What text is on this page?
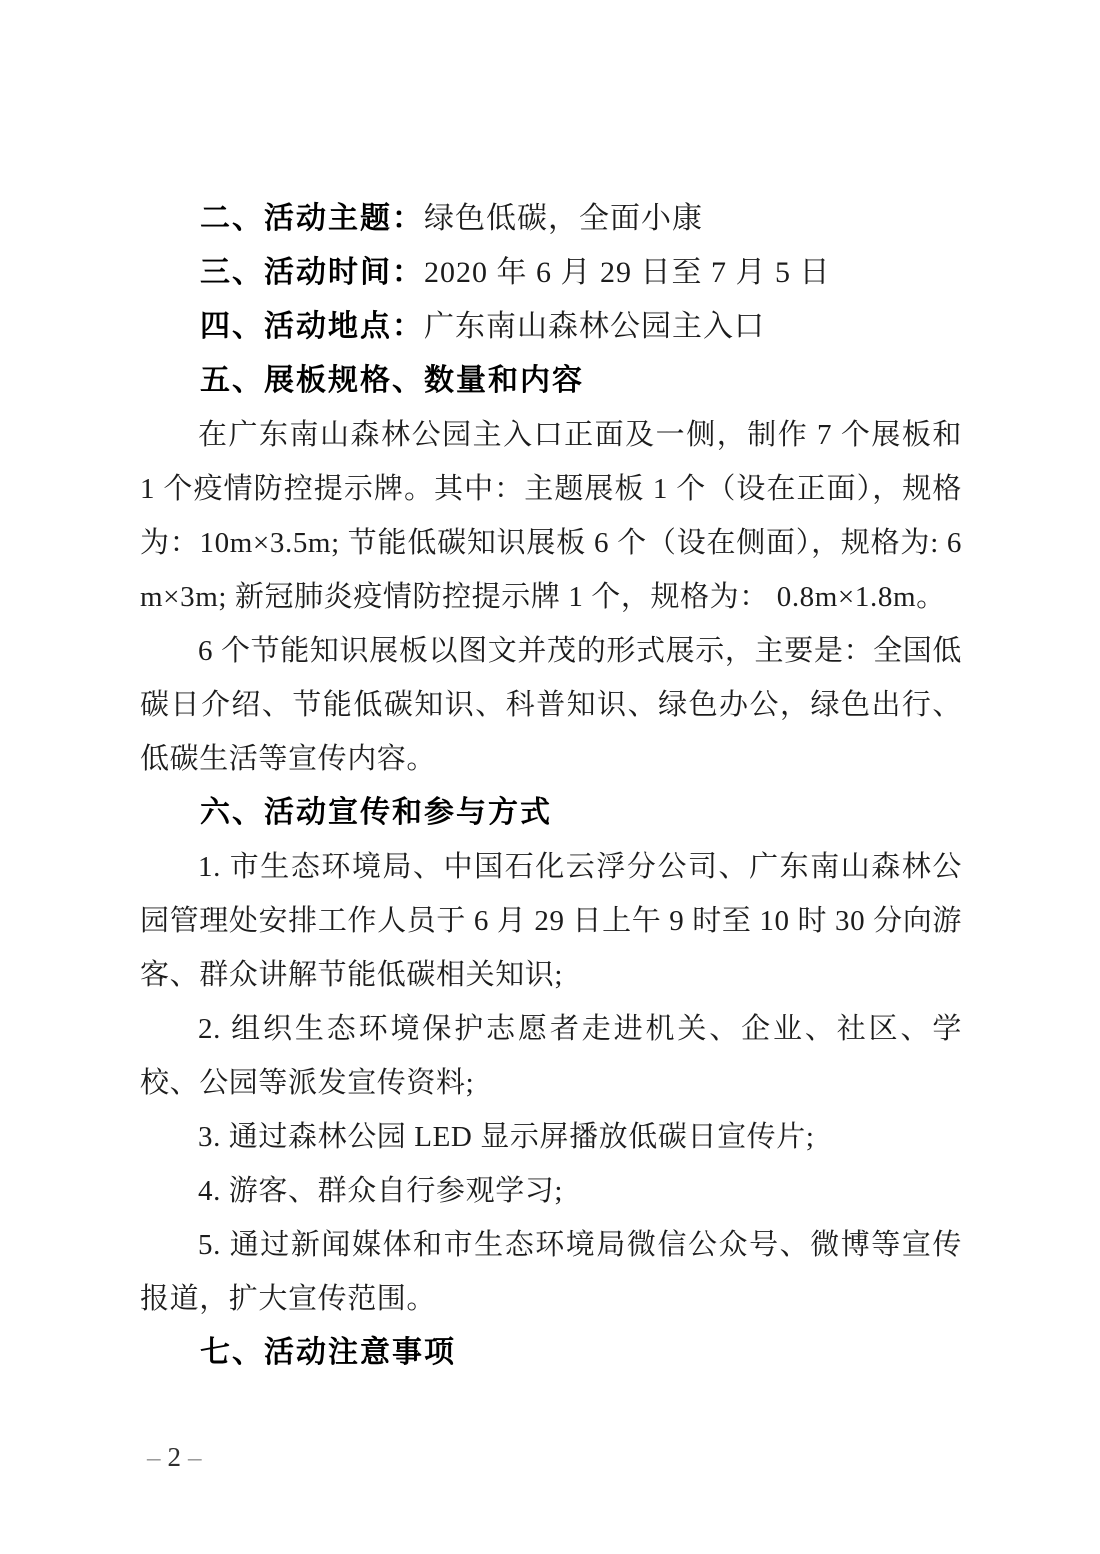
二、活动主题：绿色低碳，全面小康

三、活动时间：2020 年 6 月 29 日至 7 月 5 日

四、活动地点：广东南山森林公园主入口

五、展板规格、数量和内容

在广东南山森林公园主入口正面及一侧，制作 7 个展板和 1 个疫情防控提示牌。其中：主题展板 1 个（设在正面），规格为：10m×3.5m; 节能低碳知识展板 6 个（设在侧面），规格为: 6m×3m; 新冠肺炎疫情防控提示牌 1 个，规格为： 0.8m×1.8m。

6 个节能知识展板以图文并茂的形式展示，主要是：全国低碳日介绍、节能低碳知识、科普知识、绿色办公，绿色出行、低碳生活等宣传内容。

六、活动宣传和参与方式

1. 市生态环境局、中国石化云浮分公司、广东南山森林公园管理处安排工作人员于 6 月 29 日上午 9 时至 10 时 30 分向游客、群众讲解节能低碳相关知识;

2. 组织生态环境保护志愿者走进机关、企业、社区、学校、公园等派发宣传资料;

3. 通过森林公园 LED 显示屏播放低碳日宣传片;

4. 游客、群众自行参观学习;

5. 通过新闻媒体和市生态环境局微信公众号、微博等宣传报道，扩大宣传范围。

七、活动注意事项

– 2 –
